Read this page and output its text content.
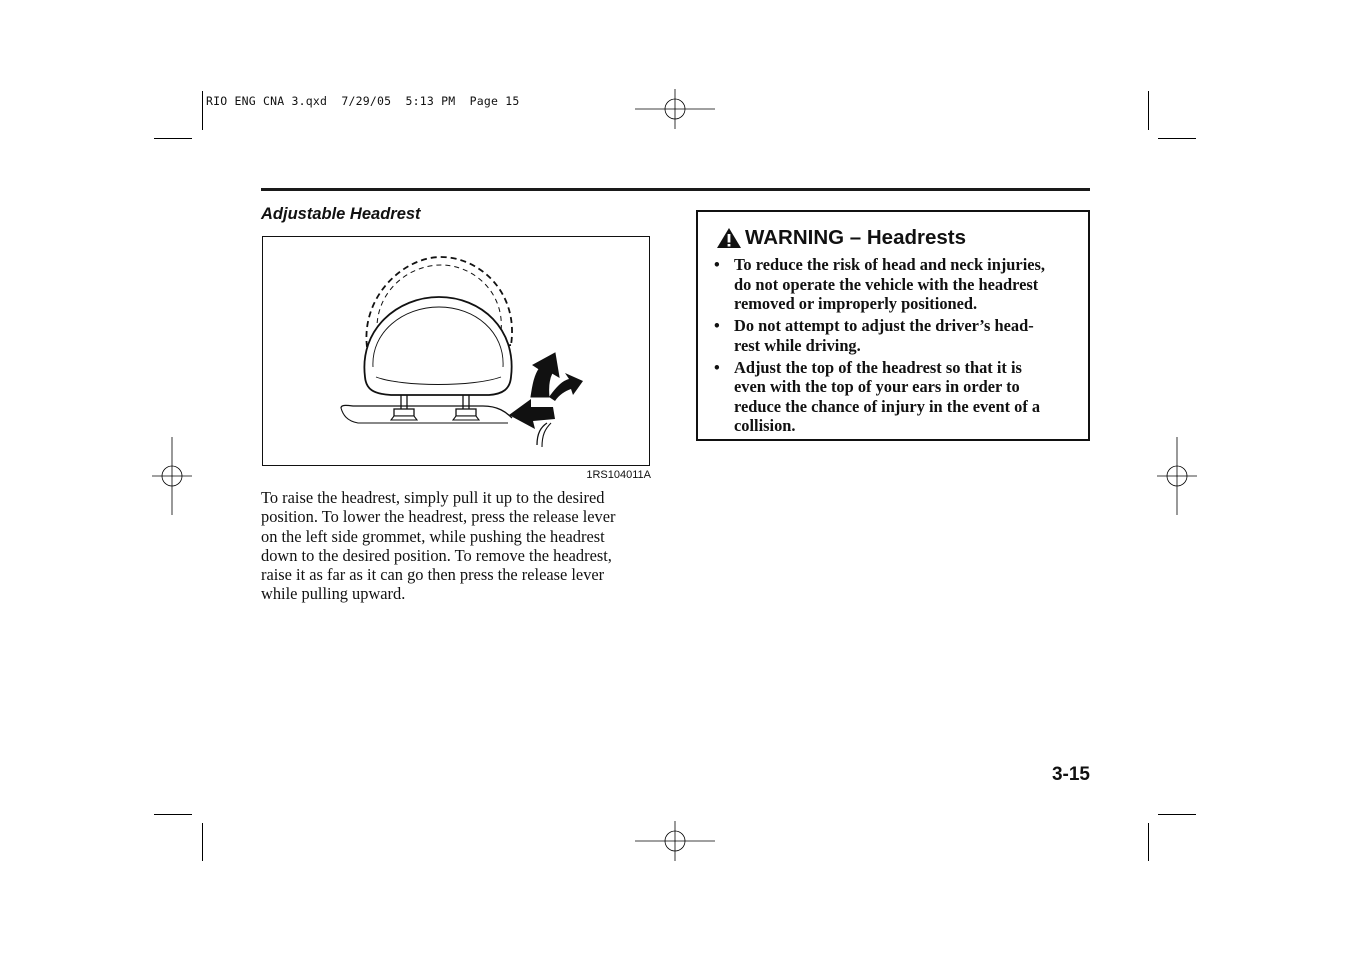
RIO ENG CNA 3.qxd  7/29/05  5:13 PM  Page 15
Adjustable Headrest
1RS104011A
To raise the headrest, simply pull it up to the desired
position. To lower the headrest, press the release lever
on the left side grommet, while pushing the headrest
down to the desired position. To remove the headrest,
raise it as far as it can go then press the release lever
while pulling upward.
WARNING – Headrests
• To reduce the risk of head and neck injuries,
do not operate the vehicle with the headrest
removed or improperly positioned.
• Do not attempt to adjust the driver’s head-
rest while driving.
• Adjust the top of the headrest so that it is
even with the top of your ears in order to
reduce the chance of injury in the event of a
collision.
3-15
